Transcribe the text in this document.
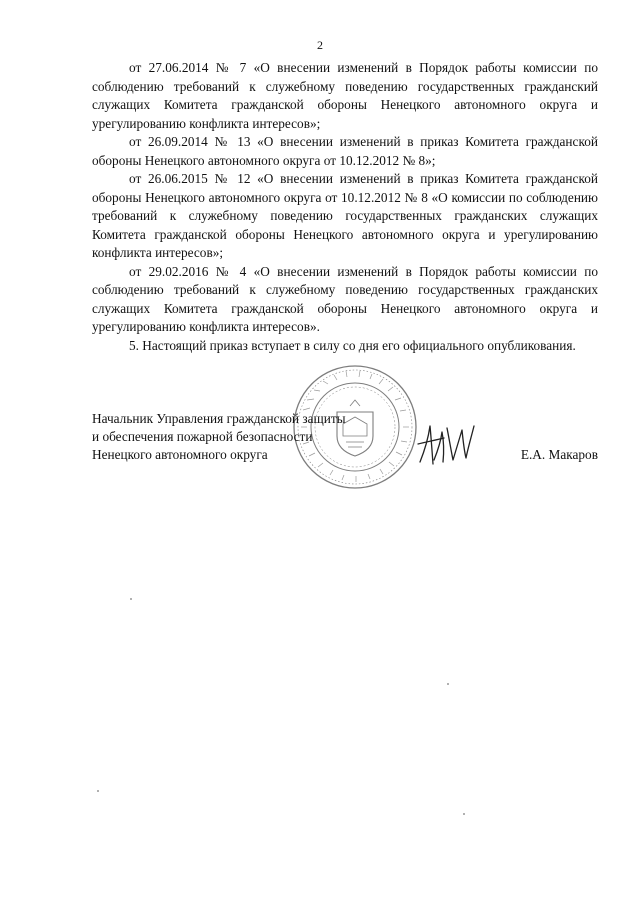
2

от 27.06.2014 № 7 «О внесении изменений в Порядок работы комиссии по соблюдению требований к служебному поведению государственных гражданский служащих Комитета гражданской обороны Ненецкого автономного округа и урегулированию конфликта интересов»;

от 26.09.2014 № 13 «О внесении изменений в приказ Комитета гражданской обороны Ненецкого автономного округа от 10.12.2012 № 8»;

от 26.06.2015 № 12 «О внесении изменений в приказ Комитета гражданской обороны Ненецкого автономного округа от 10.12.2012 № 8 «О комиссии по соблюдению требований к служебному поведению государственных гражданских служащих Комитета гражданской обороны Ненецкого автономного округа и урегулированию конфликта интересов»;

от 29.02.2016 № 4 «О внесении изменений в Порядок работы комиссии по соблюдению требований к служебному поведению государственных гражданских служащих Комитета гражданской обороны Ненецкого автономного округа и урегулированию конфликта интересов».

5. Настоящий приказ вступает в силу со дня его официального опубликования.

Начальник Управления гражданской защиты
и обеспечения пожарной безопасности
Ненецкого автономного округа	Е.А. Макаров
